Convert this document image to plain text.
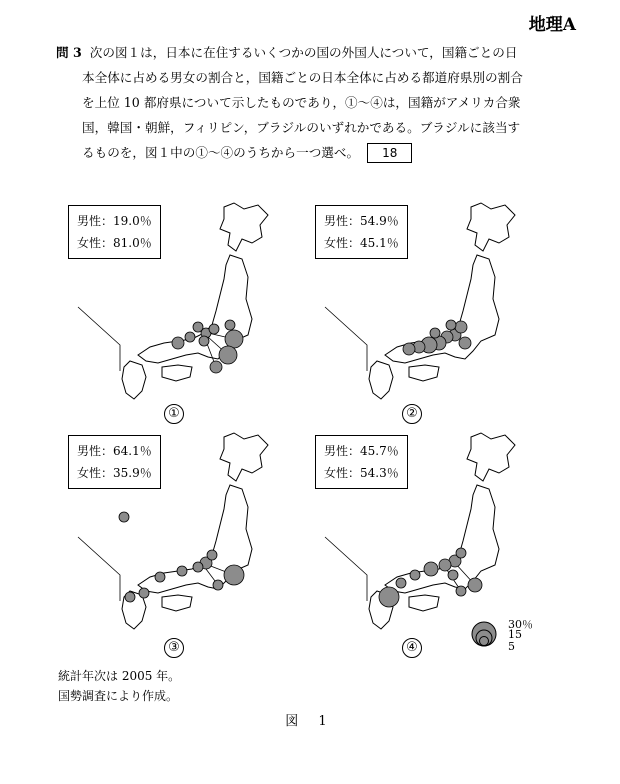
地理A
問 3 次の図１は，日本に在住するいくつかの国の外国人について，国籍ごとの日
本全体に占める男女の割合と，国籍ごとの日本全体に占める都道府県別の割合
を上位 10 都府県について示したものであり，①〜④は，国籍がアメリカ合衆
国，韓国・朝鮮，フィリピン，ブラジルのいずれかである。ブラジルに該当す
るものを，図１中の①〜④のうちから一つ選べ。 18
男性：19.0％
女性：81.0％
①
男性：54.9％
女性：45.1％
②
男性：64.1％
女性：35.9％
③
男性：45.7％
女性：54.3％
④
30％
15
5
統計年次は 2005 年。
国勢調査により作成。
図 1
